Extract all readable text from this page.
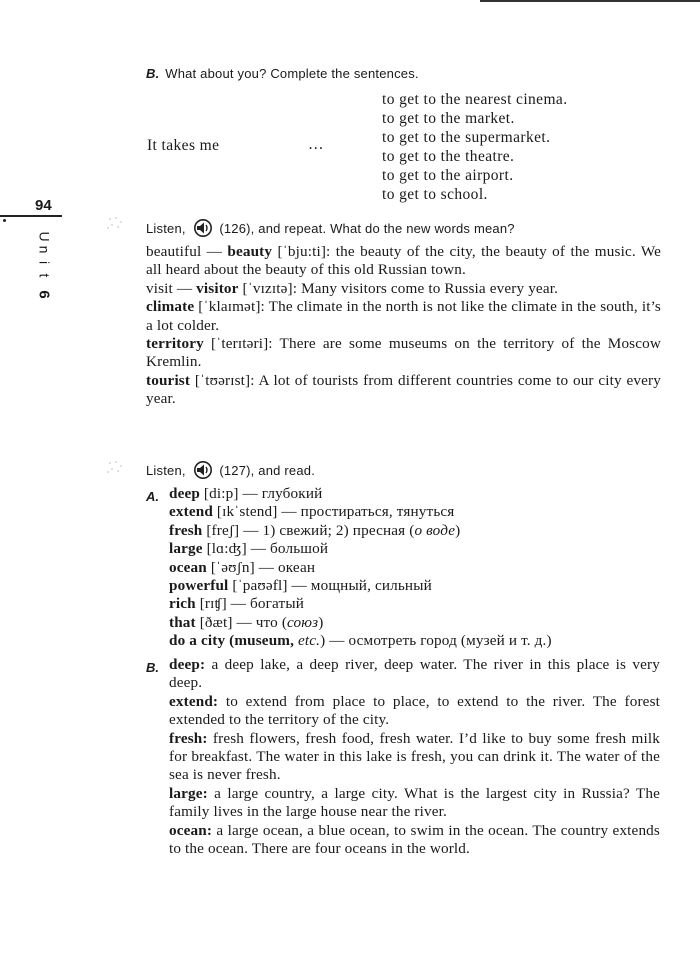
B. What about you? Complete the sentences.
It takes me	…
to get to the nearest cinema.
to get to the market.
to get to the supermarket.
to get to the theatre.
to get to the airport.
to get to school.
94
U
n
i
t
6
Listen,	(126), and repeat. What do the new words mean?

beautiful — beauty [ˈbju:ti]: the beauty of the city, the beauty of the music. We all heard about the beauty of this old Russian town.

visit — visitor [ˈvɪzɪtə]: Many visitors come to Russia every year.

climate [ˈklaɪmət]: The climate in the north is not like the climate in the south, it’s a lot colder.

territory [ˈterɪtəri]: There are some museums on the territory of the Moscow Kremlin.

tourist [ˈtʊərɪst]: A lot of tourists from different countries come to our city every year.

Listen,	(127), and read.
A. deep [di:p] — глубокий
extend [ɪkˈstend] — простираться, тянуться
fresh [freʃ] — 1) свежий; 2) пресная (о воде)
large [lɑ:ʤ] — большой
ocean [ˈəʊʃn] — океан
powerful [ˈpaʊəfl] — мощный, сильный
rich [rɪʧ] — богатый
that [ðæt] — что (союз)
do a city (museum, etc.) — осмотреть город (музей и т. д.)
B. deep: a deep lake, a deep river, deep water. The river in this place is very deep.

extend: to extend from place to place, to extend to the river. The forest extended to the territory of the city.

fresh: fresh flowers, fresh food, fresh water. I’d like to buy some fresh milk for breakfast. The water in this lake is fresh, you can drink it. The water of the sea is never fresh.

large: a large country, a large city. What is the largest city in Russia? The family lives in the large house near the river.

ocean: a large ocean, a blue ocean, to swim in the ocean. The country extends to the ocean. There are four oceans in the world.
